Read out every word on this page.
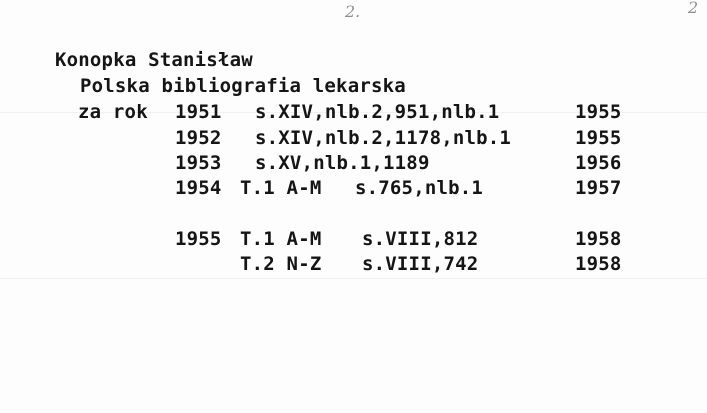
2.	2
Konopka Stanisław
Polska bibliografia lekarska
za rok 1951 s.XIV,nlb.2,951,nlb.1	1955
1952 s.XIV,nlb.2,1178,nlb.1	1955
1953 s.XV,nlb.1,1189	1956
1954 T.1 A-M s.765,nlb.1	1957
1955 T.1 A-M s.VIII,812	1958
T.2 N-Z s.VIII,742	1958
